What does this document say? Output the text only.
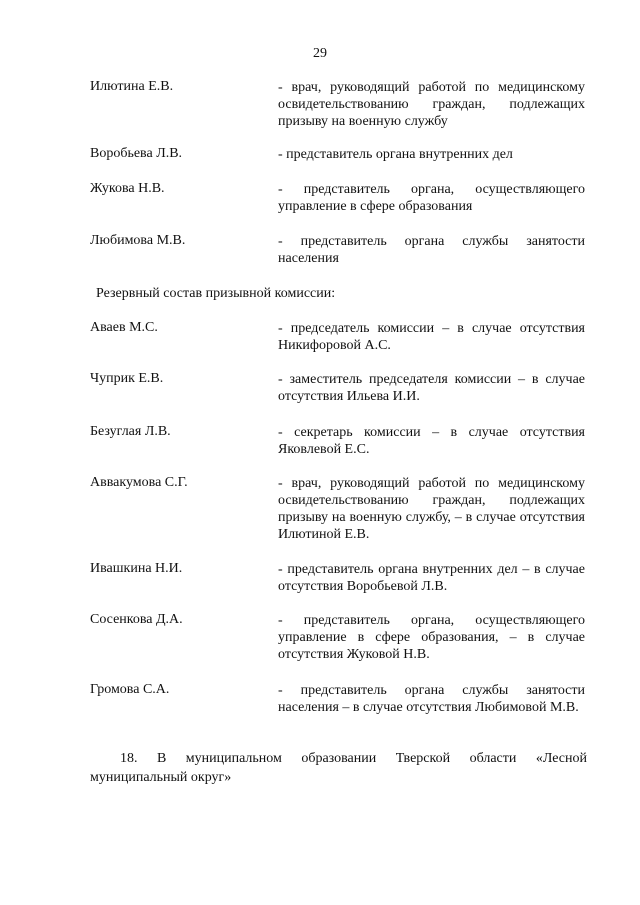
29
Илютина Е.В.	- врач, руководящий работой по медицинскому освидетельствованию граждан, подлежащих призыву на военную службу
Воробьева Л.В.	- представитель органа внутренних дел
Жукова Н.В.	- представитель органа, осуществляющего управление в сфере образования
Любимова М.В.	- представитель органа службы занятости населения
Резервный состав призывной комиссии:
Аваев М.С.	- председатель комиссии – в случае отсутствия Никифоровой А.С.
Чуприк Е.В.	- заместитель председателя комиссии – в случае отсутствия Ильева И.И.
Безуглая Л.В.	- секретарь комиссии – в случае отсутствия Яковлевой Е.С.
Аввакумова С.Г.	- врач, руководящий работой по медицинскому освидетельствованию граждан, подлежащих призыву на военную службу, – в случае отсутствия Илютиной Е.В.
Ивашкина Н.И.	- представитель органа внутренних дел – в случае отсутствия Воробьевой Л.В.
Сосенкова Д.А.	- представитель органа, осуществляющего управление в сфере образования, – в случае отсутствия Жуковой Н.В.
Громова С.А.	- представитель органа службы занятости населения – в случае отсутствия Любимовой М.В.
18. В муниципальном образовании Тверской области «Лесной муниципальный округ»
